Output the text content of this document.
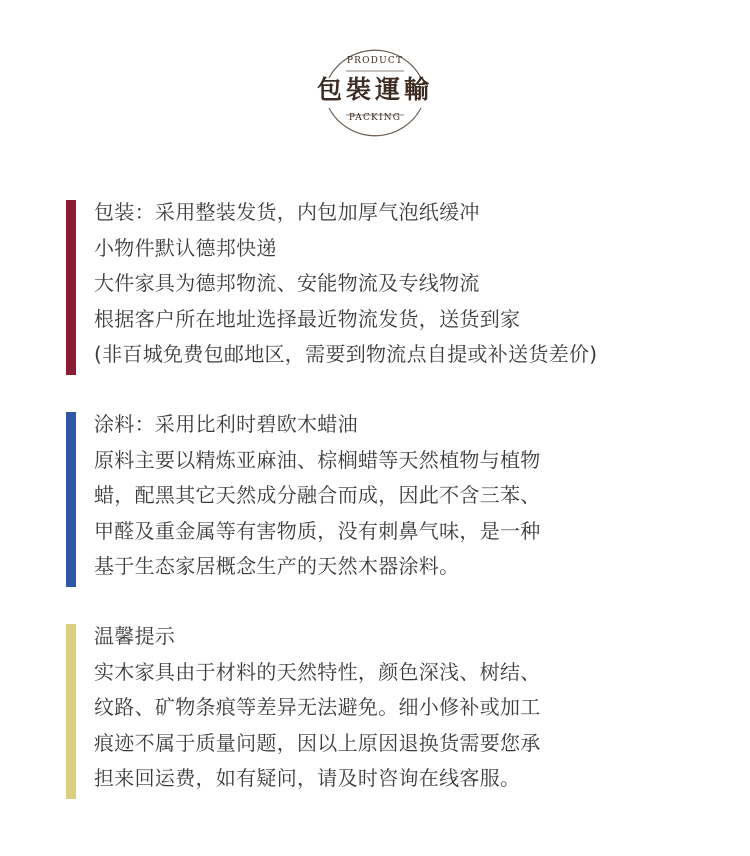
PRODUCT
包裝運輸
PACKING
包装：采用整装发货，内包加厚气泡纸缓冲
小物件默认德邦快递
大件家具为德邦物流、安能物流及专线物流
根据客户所在地址选择最近物流发货，送货到家
(非百城免费包邮地区，需要到物流点自提或补送货差价)
涂料：采用比利时碧欧木蜡油
原料主要以精炼亚麻油、棕榈蜡等天然植物与植物
蜡，配黑其它天然成分融合而成，因此不含三苯、
甲醛及重金属等有害物质，没有刺鼻气味，是一种
基于生态家居概念生产的天然木器涂料。
温馨提示
实木家具由于材料的天然特性，颜色深浅、树结、
纹路、矿物条痕等差异无法避免。细小修补或加工
痕迹不属于质量问题，因以上原因退换货需要您承
担来回运费，如有疑问，请及时咨询在线客服。
